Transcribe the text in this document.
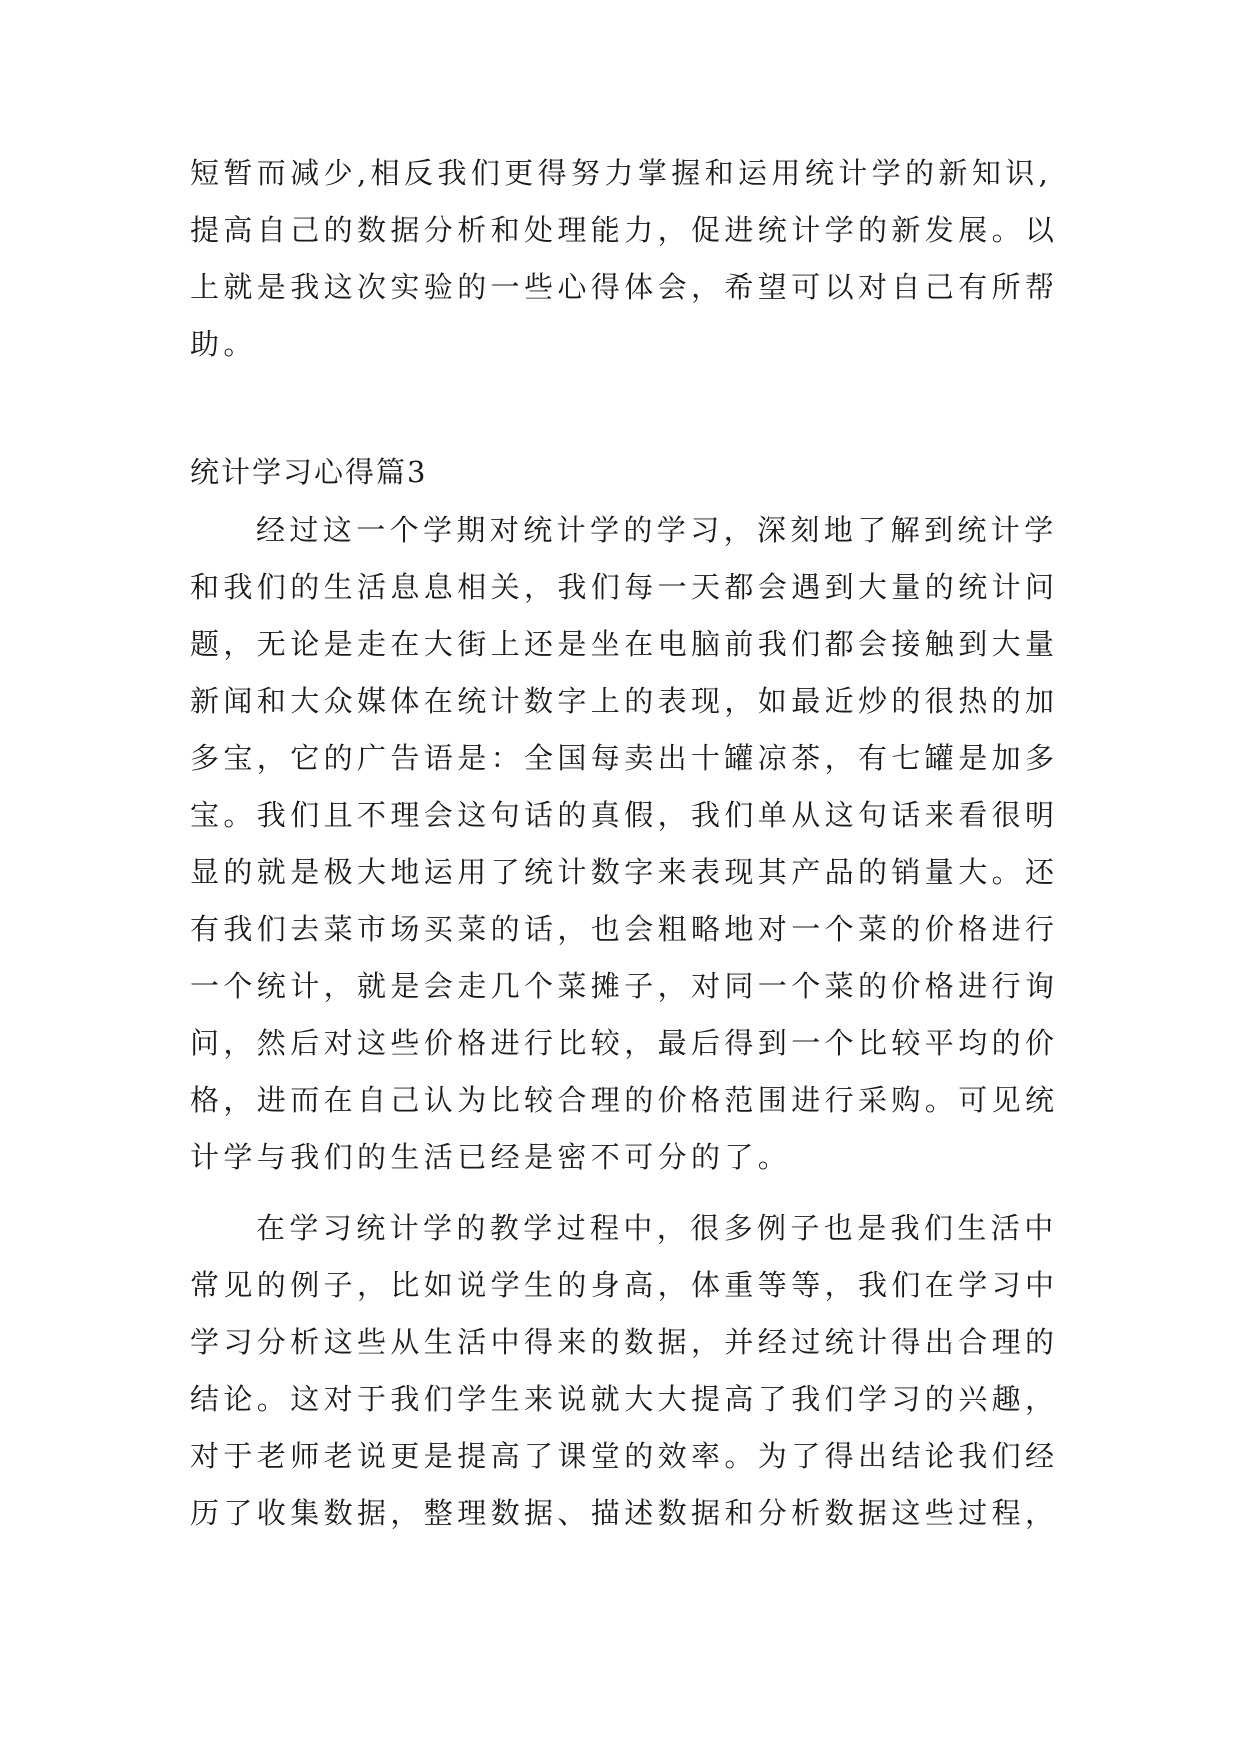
短暂而减少,相反我们更得努力掌握和运用统计学的新知识,
提高自己的数据分析和处理能力，促进统计学的新发展。以
上就是我这次实验的一些心得体会，希望可以对自己有所帮
助。
统计学习心得篇3
经过这一个学期对统计学的学习，深刻地了解到统计学
和我们的生活息息相关，我们每一天都会遇到大量的统计问
题，无论是走在大街上还是坐在电脑前我们都会接触到大量
新闻和大众媒体在统计数字上的表现，如最近炒的很热的加
多宝，它的广告语是：全国每卖出十罐凉茶，有七罐是加多
宝。我们且不理会这句话的真假，我们单从这句话来看很明
显的就是极大地运用了统计数字来表现其产品的销量大。还
有我们去菜市场买菜的话，也会粗略地对一个菜的价格进行
一个统计，就是会走几个菜摊子，对同一个菜的价格进行询
问，然后对这些价格进行比较，最后得到一个比较平均的价
格，进而在自己认为比较合理的价格范围进行采购。可见统
计学与我们的生活已经是密不可分的了。
在学习统计学的教学过程中，很多例子也是我们生活中
常见的例子，比如说学生的身高，体重等等，我们在学习中
学习分析这些从生活中得来的数据，并经过统计得出合理的
结论。这对于我们学生来说就大大提高了我们学习的兴趣，
对于老师老说更是提高了课堂的效率。为了得出结论我们经
历了收集数据，整理数据、描述数据和分析数据这些过程，
